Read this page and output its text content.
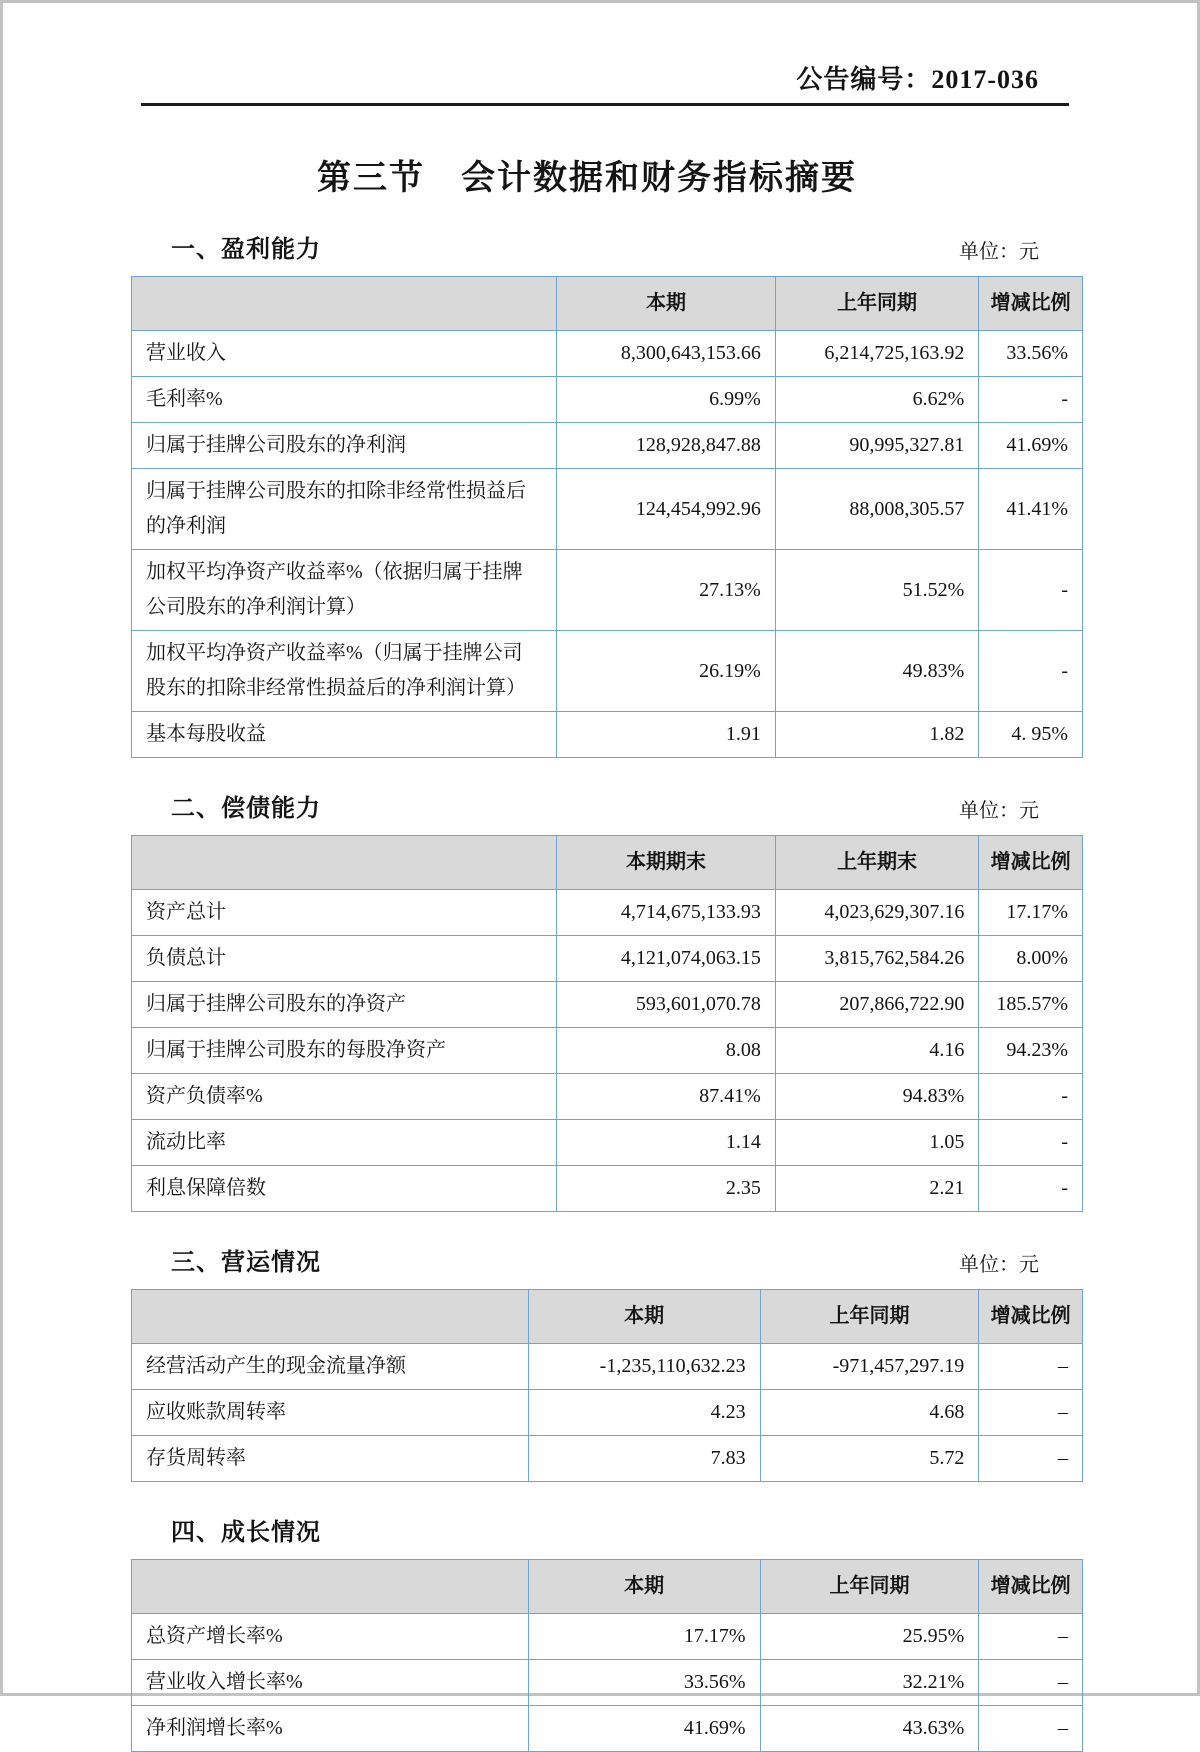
公告编号：2017-036
第三节　会计数据和财务指标摘要
一、盈利能力	单位：元
	本期	上年同期	增减比例
营业收入	8,300,643,153.66	6,214,725,163.92	33.56%
毛利率%	6.99%	6.62%	-
归属于挂牌公司股东的净利润	128,928,847.88	90,995,327.81	41.69%
归属于挂牌公司股东的扣除非经常性损益后的净利润	124,454,992.96	88,008,305.57	41.41%
加权平均净资产收益率%（依据归属于挂牌公司股东的净利润计算）	27.13%	51.52%	-
加权平均净资产收益率%（归属于挂牌公司股东的扣除非经常性损益后的净利润计算）	26.19%	49.83%	-
基本每股收益	1.91	1.82	4. 95%
二、偿债能力	单位：元
	本期期末	上年期末	增减比例
资产总计	4,714,675,133.93	4,023,629,307.16	17.17%
负债总计	4,121,074,063.15	3,815,762,584.26	8.00%
归属于挂牌公司股东的净资产	593,601,070.78	207,866,722.90	185.57%
归属于挂牌公司股东的每股净资产	8.08	4.16	94.23%
资产负债率%	87.41%	94.83%	-
流动比率	1.14	1.05	-
利息保障倍数	2.35	2.21	-
三、营运情况	单位：元
	本期	上年同期	增减比例
经营活动产生的现金流量净额	-1,235,110,632.23	-971,457,297.19	–
应收账款周转率	4.23	4.68	–
存货周转率	7.83	5.72	–
四、成长情况
	本期	上年同期	增减比例
总资产增长率%	17.17%	25.95%	–
营业收入增长率%	33.56%	32.21%	–
净利润增长率%	41.69%	43.63%	–
